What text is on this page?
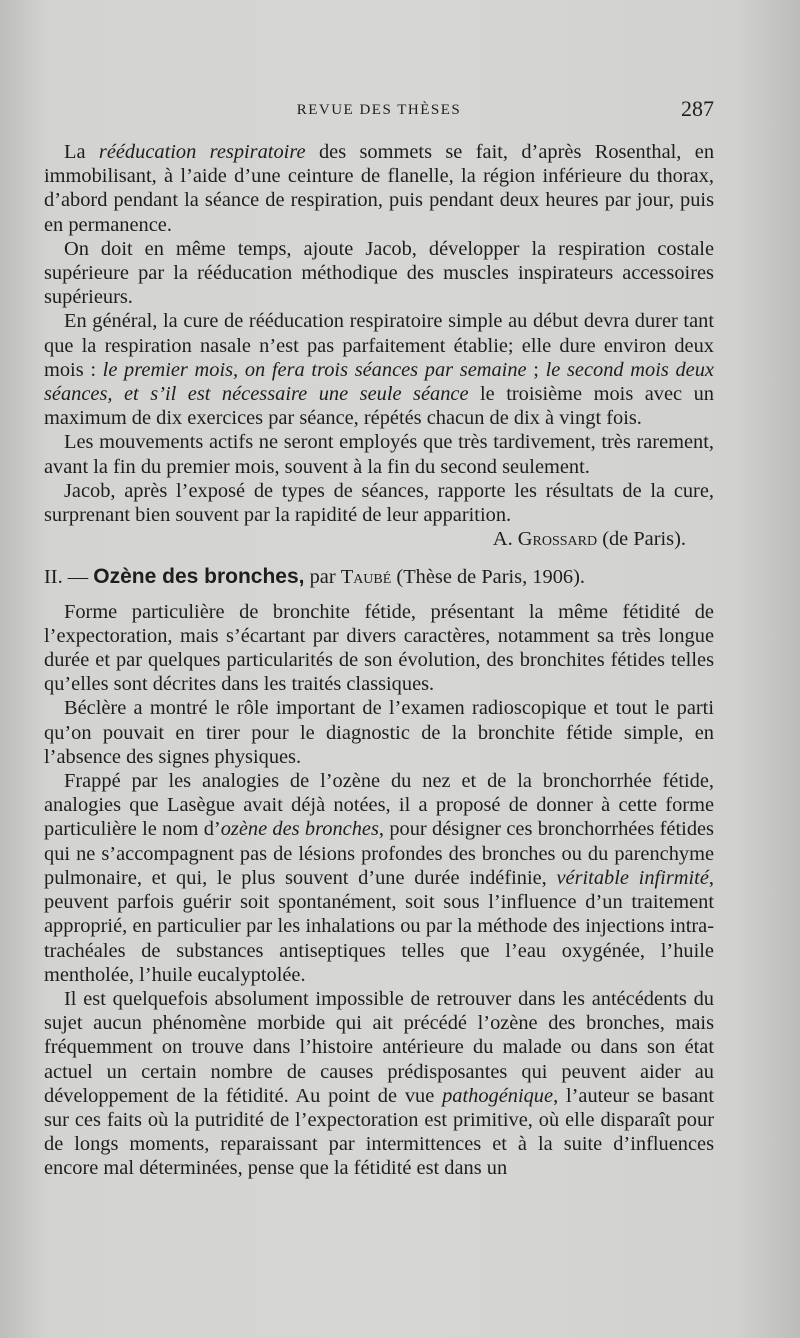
REVUE DES THÈSES	287

La rééducation respiratoire des sommets se fait, d’après Rosenthal, en immobilisant, à l’aide d’une ceinture de flanelle, la région inférieure du thorax, d’abord pendant la séance de respiration, puis pendant deux heures par jour, puis en permanence.

On doit en même temps, ajoute Jacob, développer la respiration costale supérieure par la rééducation méthodique des muscles inspirateurs accessoires supérieurs.

En général, la cure de rééducation respiratoire simple au début devra durer tant que la respiration nasale n’est pas parfaitement établie; elle dure environ deux mois : le premier mois, on fera trois séances par semaine ; le second mois deux séances, et s’il est nécessaire une seule séance le troisième mois avec un maximum de dix exercices par séance, répétés chacun de dix à vingt fois.

Les mouvements actifs ne seront employés que très tardivement, très rarement, avant la fin du premier mois, souvent à la fin du second seulement.

Jacob, après l’exposé de types de séances, rapporte les résultats de la cure, surprenant bien souvent par la rapidité de leur apparition.

A. Grossard (de Paris).

II. — Ozène des bronches, par Taubé (Thèse de Paris, 1906).

Forme particulière de bronchite fétide, présentant la même fétidité de l’expectoration, mais s’écartant par divers caractères, notamment sa très longue durée et par quelques particularités de son évolution, des bronchites fétides telles qu’elles sont décrites dans les traités classiques.

Béclère a montré le rôle important de l’examen radioscopique et tout le parti qu’on pouvait en tirer pour le diagnostic de la bronchite fétide simple, en l’absence des signes physiques.

Frappé par les analogies de l’ozène du nez et de la bronchorrhée fétide, analogies que Lasègue avait déjà notées, il a proposé de donner à cette forme particulière le nom d’ozène des bronches, pour désigner ces bronchorrhées fétides qui ne s’accompagnent pas de lésions profondes des bronches ou du parenchyme pulmonaire, et qui, le plus souvent d’une durée indéfinie, véritable infirmité, peuvent parfois guérir soit spontanément, soit sous l’influence d’un traitement approprié, en particulier par les inhalations ou par la méthode des injections intra-trachéales de substances antiseptiques telles que l’eau oxygénée, l’huile mentholée, l’huile eucalyptolée.

Il est quelquefois absolument impossible de retrouver dans les antécédents du sujet aucun phénomène morbide qui ait précédé l’ozène des bronches, mais fréquemment on trouve dans l’histoire antérieure du malade ou dans son état actuel un certain nombre de causes prédisposantes qui peuvent aider au développement de la fétidité. Au point de vue pathogénique, l’auteur se basant sur ces faits où la putridité de l’expectoration est primitive, où elle disparaît pour de longs moments, reparaissant par intermittences et à la suite d’influences encore mal déterminées, pense que la fétidité est dans un
